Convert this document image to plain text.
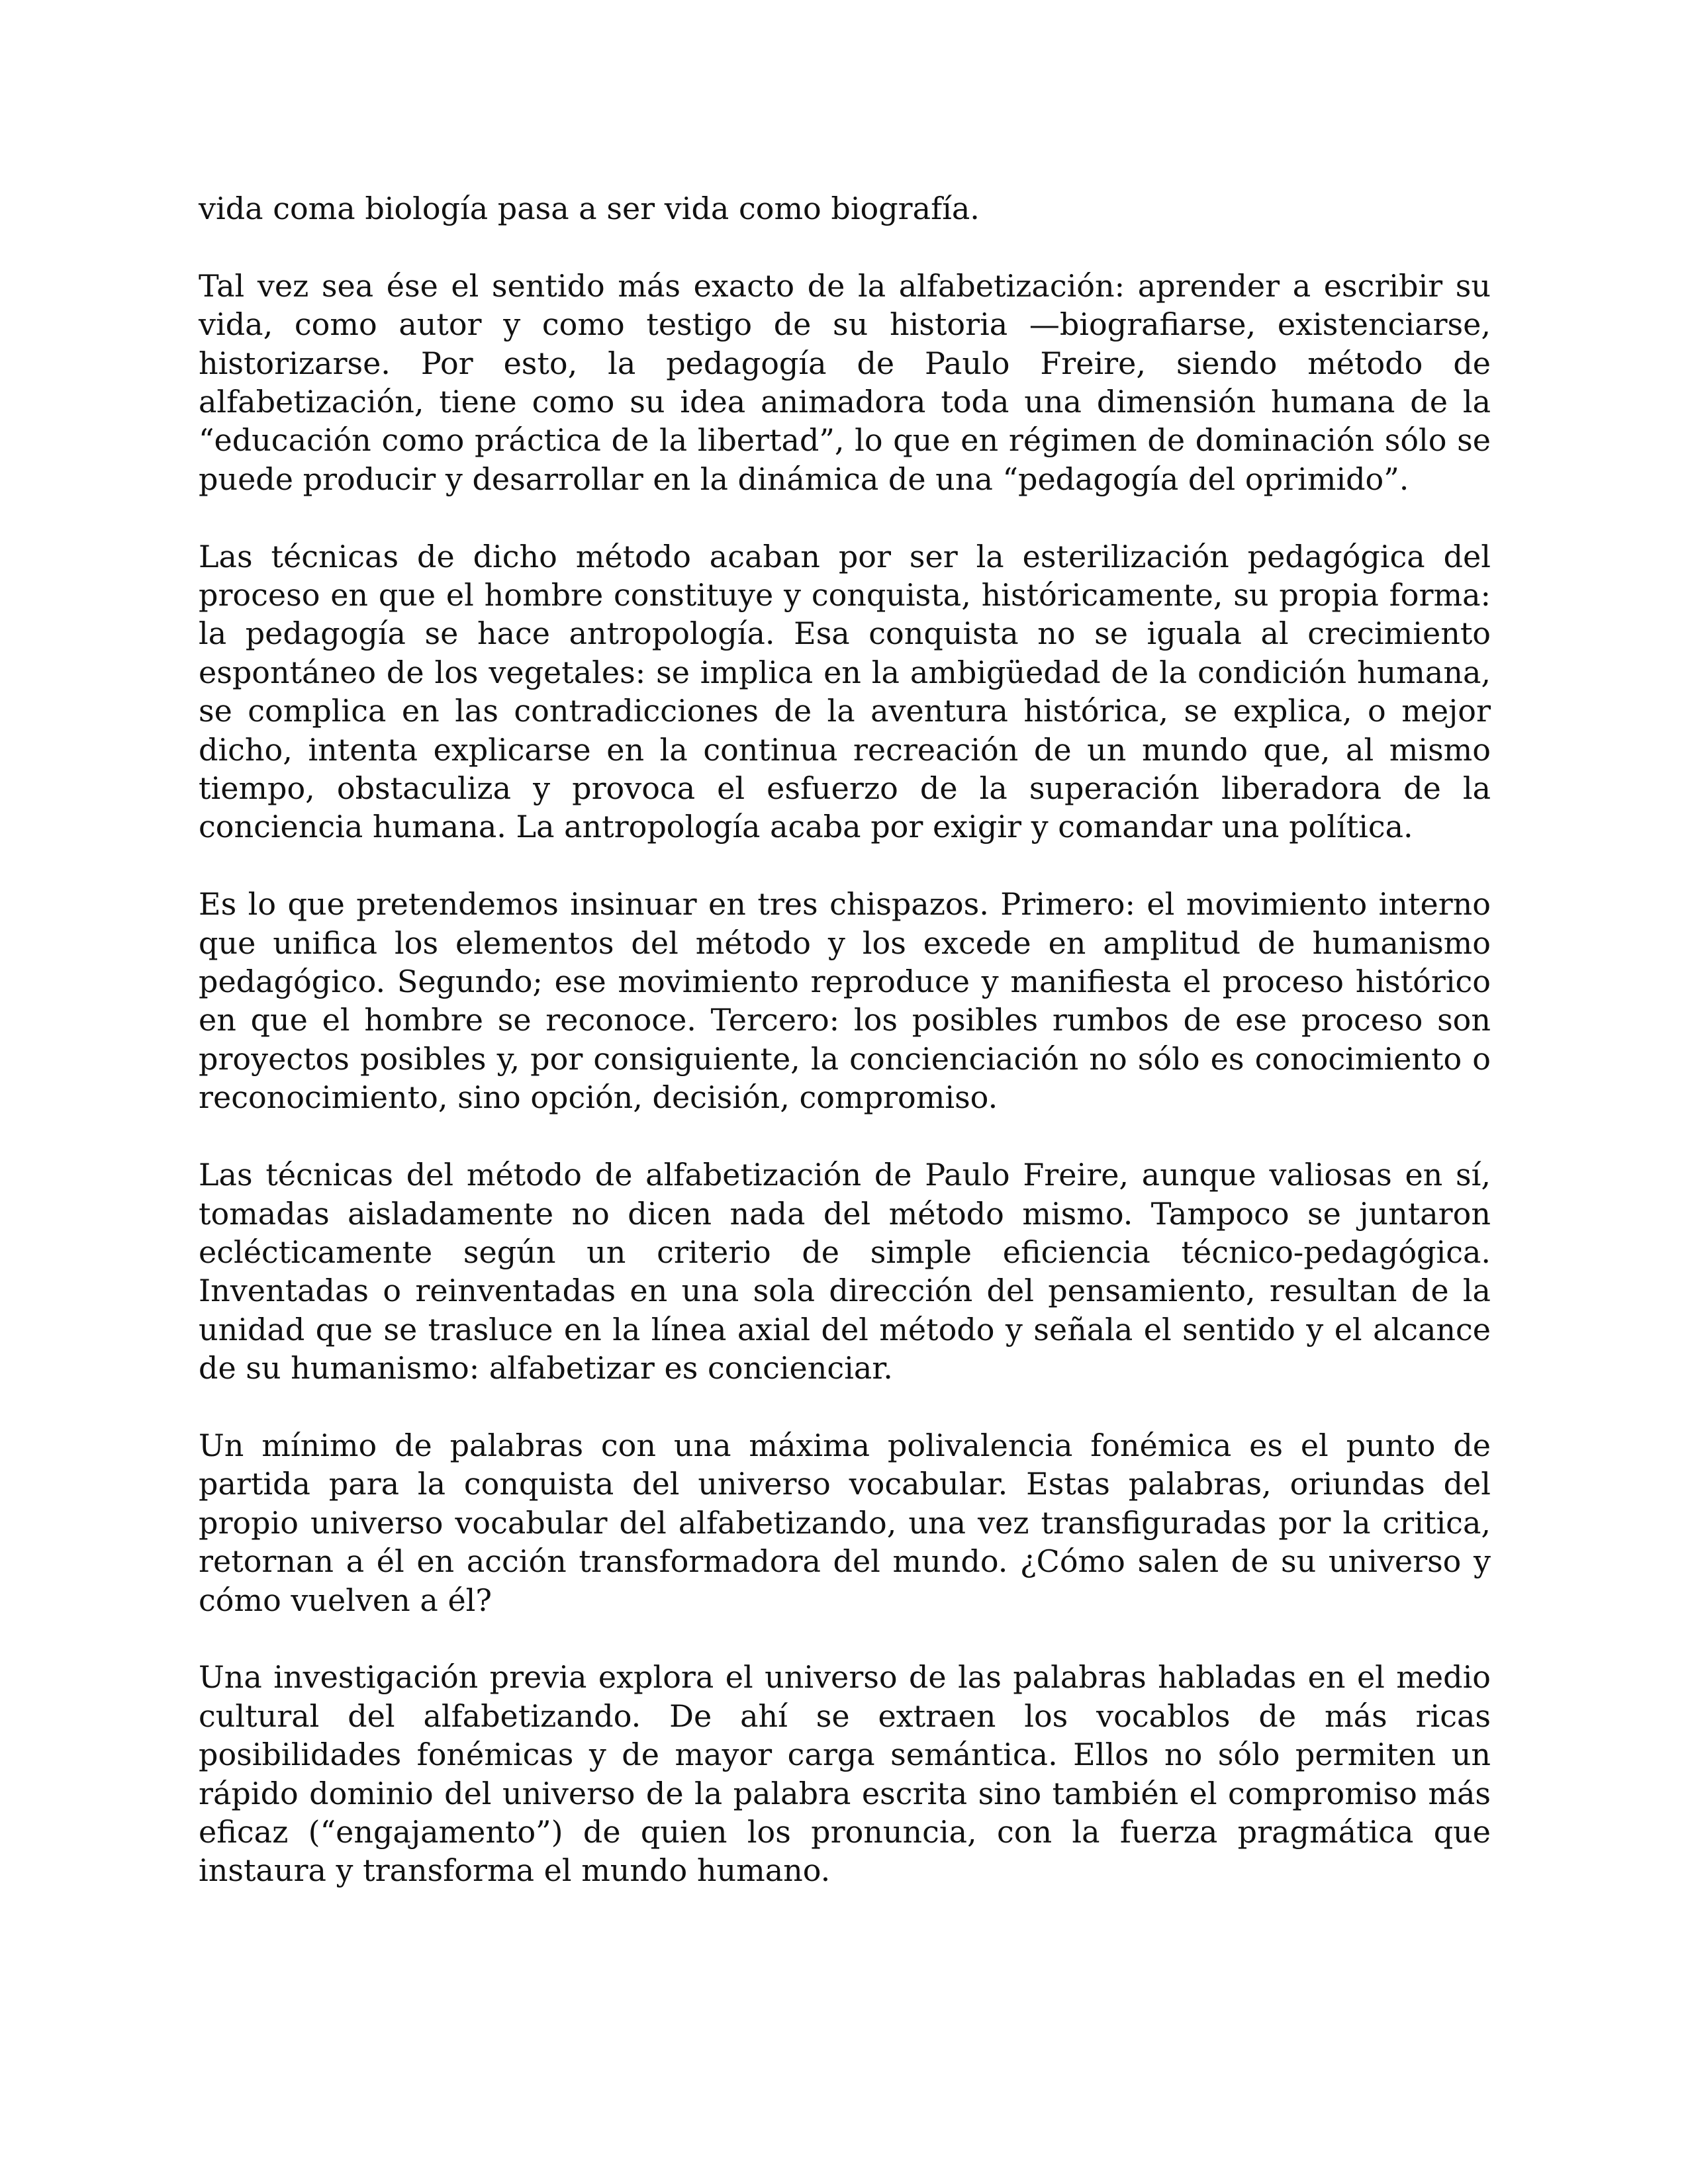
vida coma biología pasa a ser vida como biografía.

Tal vez sea ése el sentido más exacto de la alfabetización: aprender a escribir su vida, como autor y como testigo de su historia —biografiarse, existenciarse, historizarse. Por esto, la pedagogía de Paulo Freire, siendo método de alfabetización, tiene como su idea animadora toda una dimensión humana de la “educación como práctica de la libertad”, lo que en régimen de dominación sólo se puede producir y desarrollar en la dinámica de una “pedagogía del oprimido”.

Las técnicas de dicho método acaban por ser la esterilización pedagógica del proceso en que el hombre constituye y conquista, históricamente, su propia forma: la pedagogía se hace antropología. Esa conquista no se iguala al crecimiento espontáneo de los vegetales: se implica en la ambigüedad de la condición humana, se complica en las contradicciones de la aventura histórica, se explica, o mejor dicho, intenta explicarse en la continua recreación de un mundo que, al mismo tiempo, obstaculiza y provoca el esfuerzo de la superación liberadora de la conciencia humana. La antropología acaba por exigir y comandar una política.

Es lo que pretendemos insinuar en tres chispazos. Primero: el movimiento interno que unifica los elementos del método y los excede en amplitud de humanismo pedagógico. Segundo; ese movimiento reproduce y manifiesta el proceso histórico en que el hombre se reconoce. Tercero: los posibles rumbos de ese proceso son proyectos posibles y, por consiguiente, la concienciación no sólo es conocimiento o reconocimiento, sino opción, decisión, compromiso.

Las técnicas del método de alfabetización de Paulo Freire, aunque valiosas en sí, tomadas aisladamente no dicen nada del método mismo. Tampoco se juntaron eclécticamente según un criterio de simple eficiencia técnico-pedagógica. Inventadas o reinventadas en una sola dirección del pensamiento, resultan de la unidad que se trasluce en la línea axial del método y señala el sentido y el alcance de su humanismo: alfabetizar es concienciar.

Un mínimo de palabras con una máxima polivalencia fonémica es el punto de partida para la conquista del universo vocabular. Estas palabras, oriundas del propio universo vocabular del alfabetizando, una vez transfiguradas por la critica, retornan a él en acción transformadora del mundo. ¿Cómo salen de su universo y cómo vuelven a él?

Una investigación previa explora el universo de las palabras habladas en el medio cultural del alfabetizando. De ahí se extraen los vocablos de más ricas posibilidades fonémicas y de mayor carga semántica. Ellos no sólo permiten un rápido dominio del universo de la palabra escrita sino también el compromiso más eficaz (“engajamento”) de quien los pronuncia, con la fuerza pragmática que instaura y transforma el mundo humano.
